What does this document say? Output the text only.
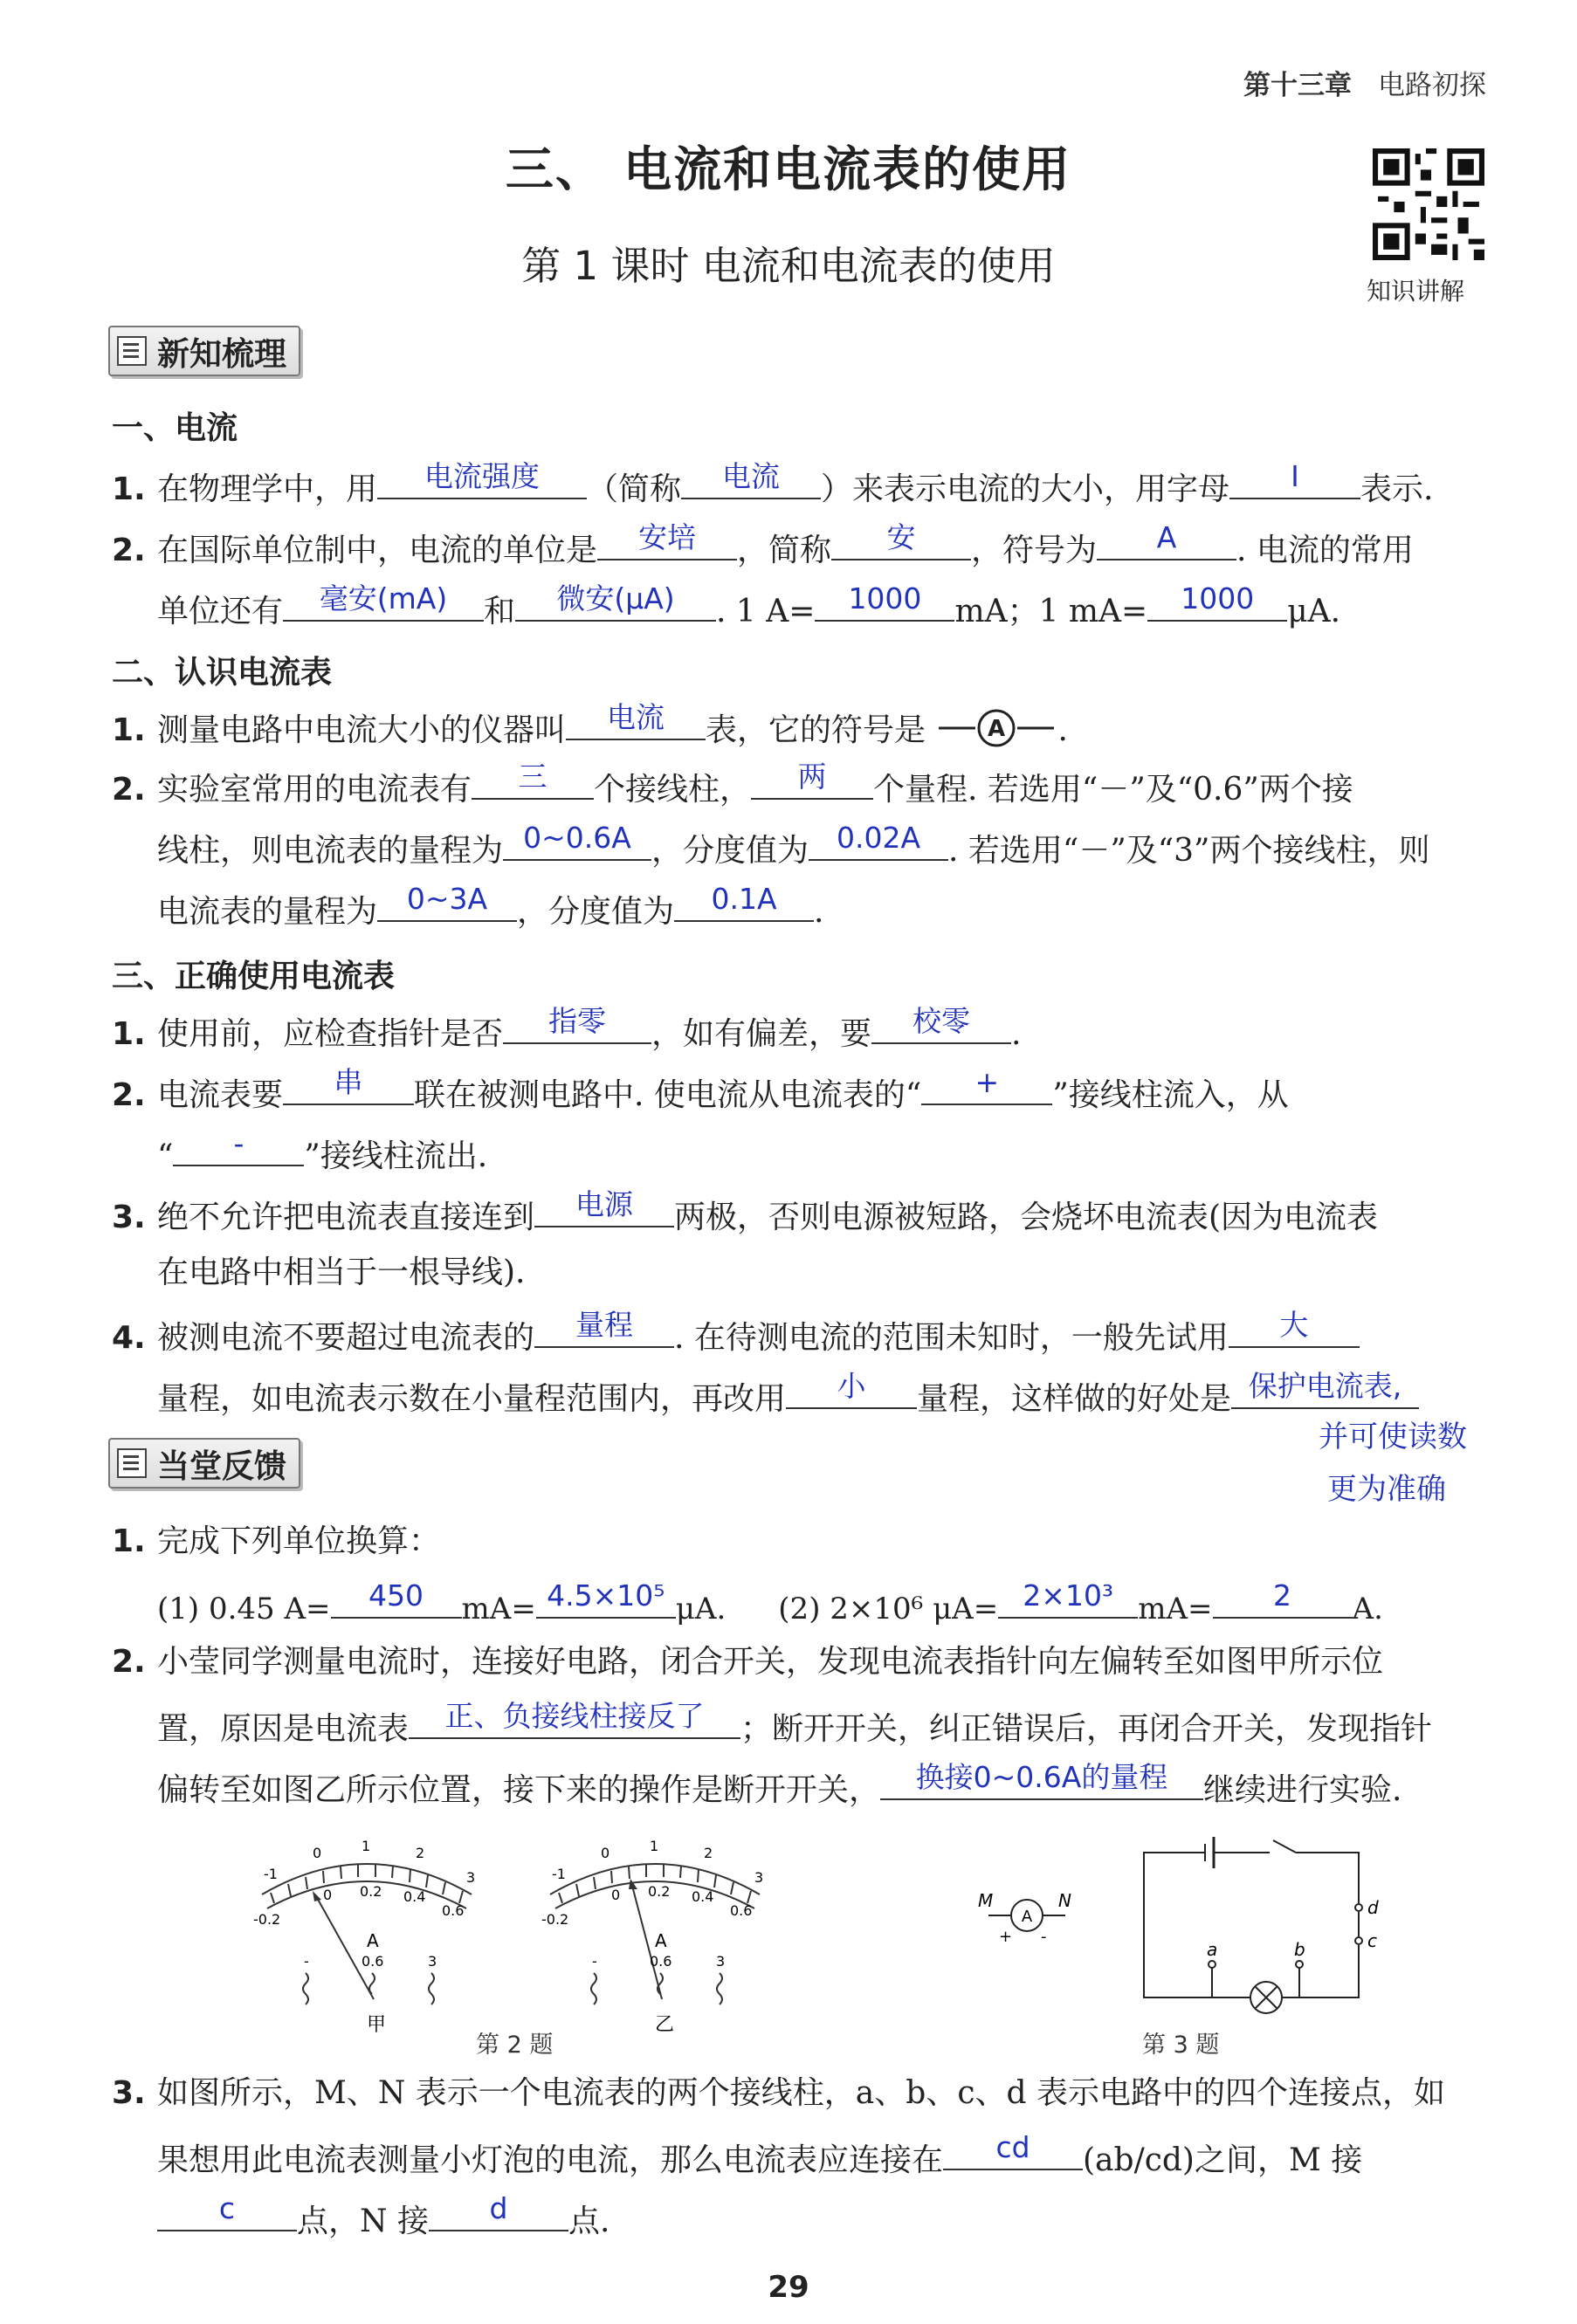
第十三章 电路初探
三、 电流和电流表的使用
第 1 课时 电流和电流表的使用
知识讲解
新知梳理
一、电流
1. 在物理学中，用	电流强度	（简称	电流	）来表示电流的大小，用字母	I	表示.
2. 在国际单位制中，电流的单位是	安培	，简称	安	，符号为	A	. 电流的常用
单位还有	毫安(mA)	和	微安(μA)	. 1 A=	1000	mA；1 mA=	1000	μA.
二、认识电流表
1. 测量电路中电流大小的仪器叫	电流	表，它的符号是	A .
2. 实验室常用的电流表有	三	个接线柱，	两	个量程. 若选用“－”及“0.6”两个接
线柱，则电流表的量程为 0~0.6A ，分度值为 0.02A . 若选用“－”及“3”两个接线柱，则
电流表的量程为	0~3A ，分度值为	0.1A	.
三、正确使用电流表
1. 使用前，应检查指针是否	指零	，如有偏差，要	校零	.
2. 电流表要	串	联在被测电路中. 使电流从电流表的“	+	”接线柱流入，从
“	-	”接线柱流出.
3. 绝不允许把电流表直接连到	电源	两极，否则电源被短路，会烧坏电流表(因为电流表
在电路中相当于一根导线).
4. 被测电流不要超过电流表的	量程	. 在待测电流的范围未知时，一般先试用	大
量程，如电流表示数在小量程范围内，再改用	小	量程，这样做的好处是 保护电流表,
并可使读数
更为准确
当堂反馈
1. 完成下列单位换算：
(1) 0.45 A=	450	mA= 4.5×10⁵ μA. (2) 2×10⁶ μA= 2×10³ mA=	2	A.
2. 小莹同学测量电流时，连接好电路，闭合开关，发现电流表指针向左偏转至如图甲所示位
置，原因是电流表	正、负接线柱接反了	；断开开关，纠正错误后，再闭合开关，发现指针
偏转至如图乙所示位置，接下来的操作是断开开关，	换接0~0.6A的量程	继续进行实验.
-1
0	1	2
3
-0.2
0 0.2 0.4
0.6
A
-	0.6	3
甲
-1
0	1	2
3
-0.2
0 0.2 0.4
0.6
A
-	0.6	3
乙
第 2 题
A
M	N
+ -
a	b	c
d
第 3 题
3. 如图所示，M、N 表示一个电流表的两个接线柱，a、b、c、d 表示电路中的四个连接点，如
果想用此电流表测量小灯泡的电流，那么电流表应连接在	cd	(ab/cd)之间，M 接
c	点，N 接	d	点.
29
